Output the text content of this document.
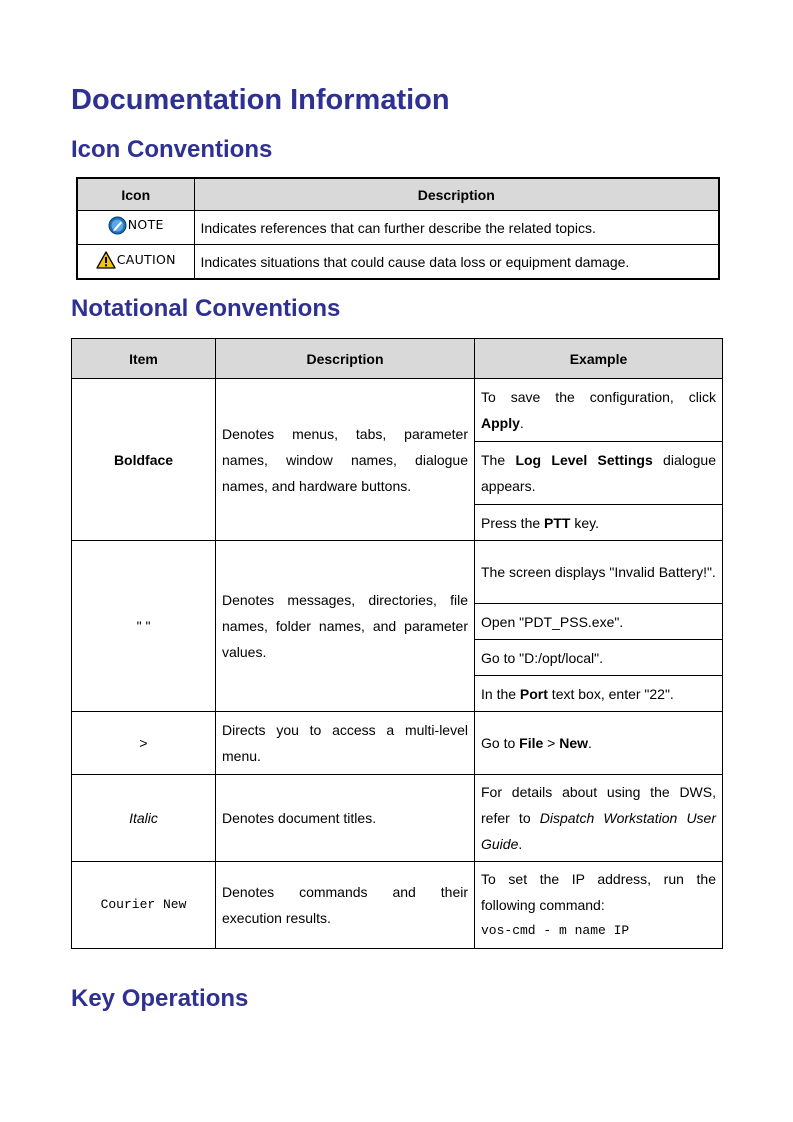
Documentation Information
Icon Conventions
Icon	Description

NOTE	Indicates references that can further describe the related topics.

CAUTION	Indicates situations that could cause data loss or equipment damage.
Notational Conventions
Item	Description	Example
Boldface	Denotes menus, tabs, parameter names, window names, dialogue names, and hardware buttons.	To save the configuration, click Apply.
		The Log Level Settings dialogue appears.
		Press the PTT key.
" "	Denotes messages, directories, file names, folder names, and parameter values.	The screen displays "Invalid Battery!".
		Open "PDT_PSS.exe".
		Go to "D:/opt/local".
		In the Port text box, enter "22".
>	Directs you to access a multi-level menu.	Go to File > New.
Italic	Denotes document titles.	For details about using the DWS, refer to Dispatch Workstation User Guide.
Courier New	Denotes commands and their execution results.	To set the IP address, run the following command:
vos-cmd - m name IP
Key Operations
